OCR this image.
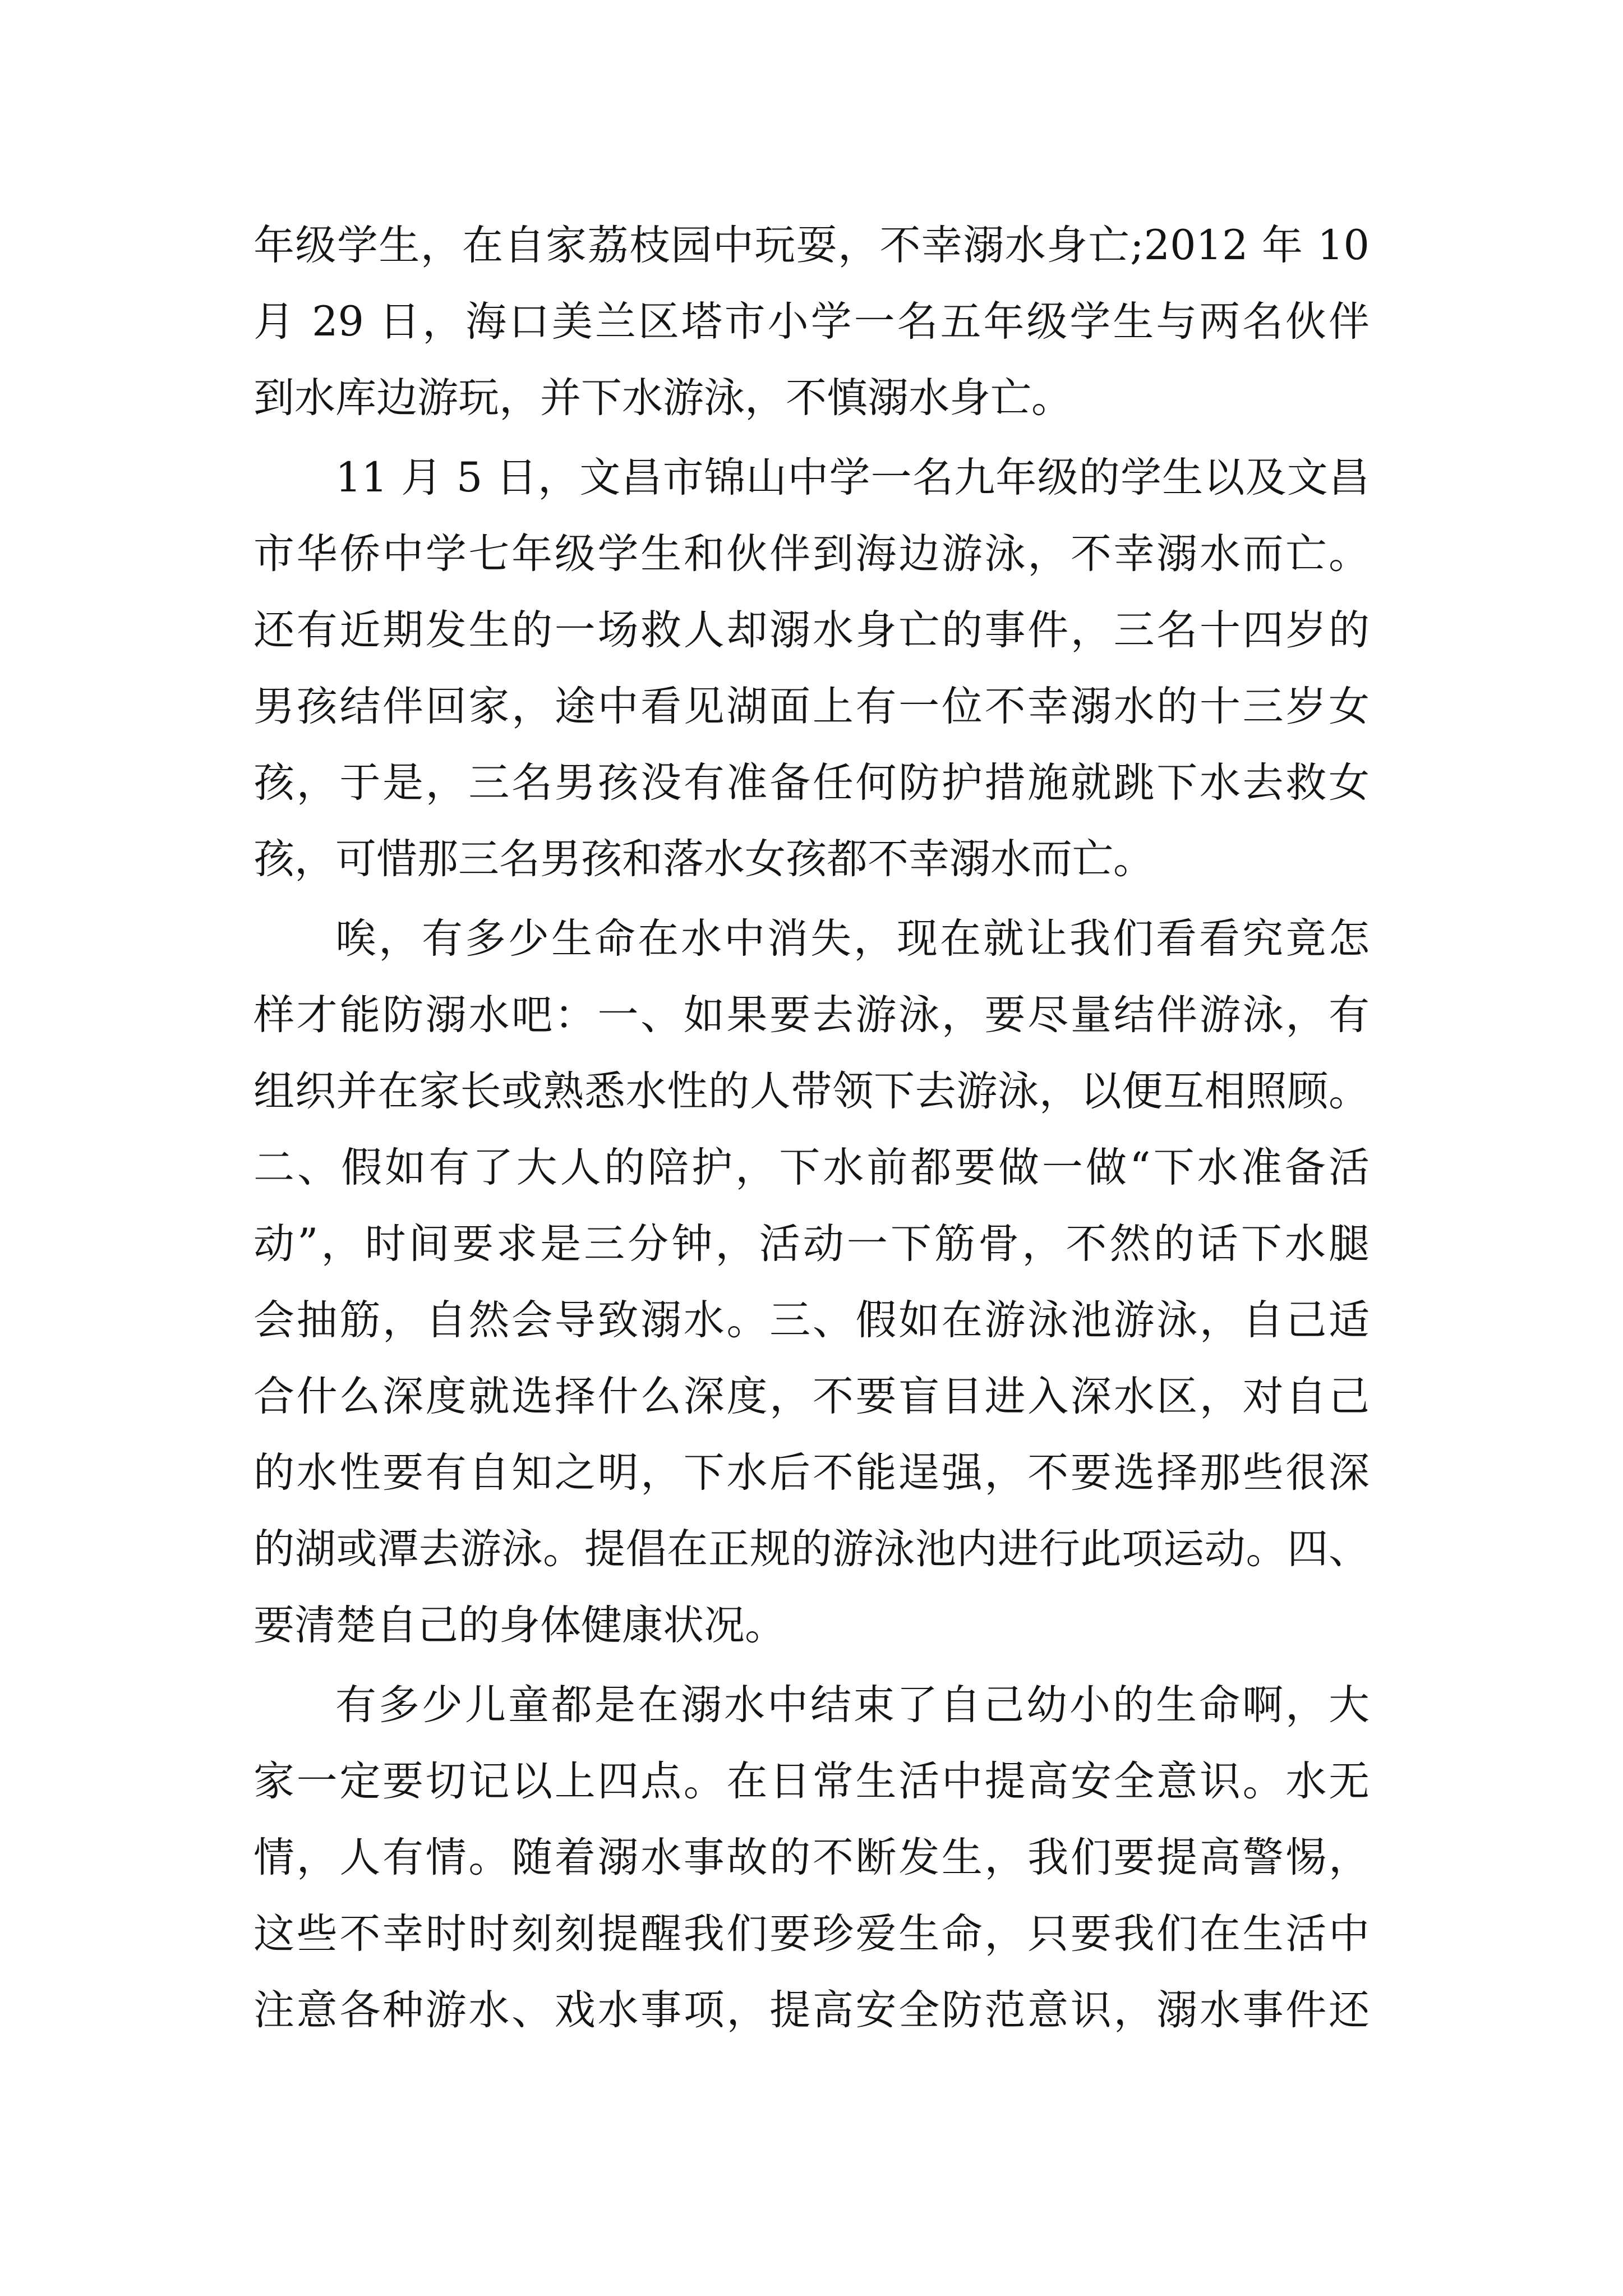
年级学生，在自家荔枝园中玩耍，不幸溺水身亡;2012 年 10
月 29 日，海口美兰区塔市小学一名五年级学生与两名伙伴
到水库边游玩，并下水游泳，不慎溺水身亡。
11 月 5 日，文昌市锦山中学一名九年级的学生以及文昌
市华侨中学七年级学生和伙伴到海边游泳，不幸溺水而亡。
还有近期发生的一场救人却溺水身亡的事件，三名十四岁的
男孩结伴回家，途中看见湖面上有一位不幸溺水的十三岁女
孩，于是，三名男孩没有准备任何防护措施就跳下水去救女
孩，可惜那三名男孩和落水女孩都不幸溺水而亡。
唉，有多少生命在水中消失，现在就让我们看看究竟怎
样才能防溺水吧：一、如果要去游泳，要尽量结伴游泳，有
组织并在家长或熟悉水性的人带领下去游泳，以便互相照顾。
二、假如有了大人的陪护，下水前都要做一做“下水准备活
动”，时间要求是三分钟，活动一下筋骨，不然的话下水腿
会抽筋，自然会导致溺水。三、假如在游泳池游泳，自己适
合什么深度就选择什么深度，不要盲目进入深水区，对自己
的水性要有自知之明，下水后不能逞强，不要选择那些很深
的湖或潭去游泳。提倡在正规的游泳池内进行此项运动。四、
要清楚自己的身体健康状况。
有多少儿童都是在溺水中结束了自己幼小的生命啊，大
家一定要切记以上四点。在日常生活中提高安全意识。水无
情，人有情。随着溺水事故的不断发生，我们要提高警惕，
这些不幸时时刻刻提醒我们要珍爱生命，只要我们在生活中
注意各种游水、戏水事项，提高安全防范意识，溺水事件还
